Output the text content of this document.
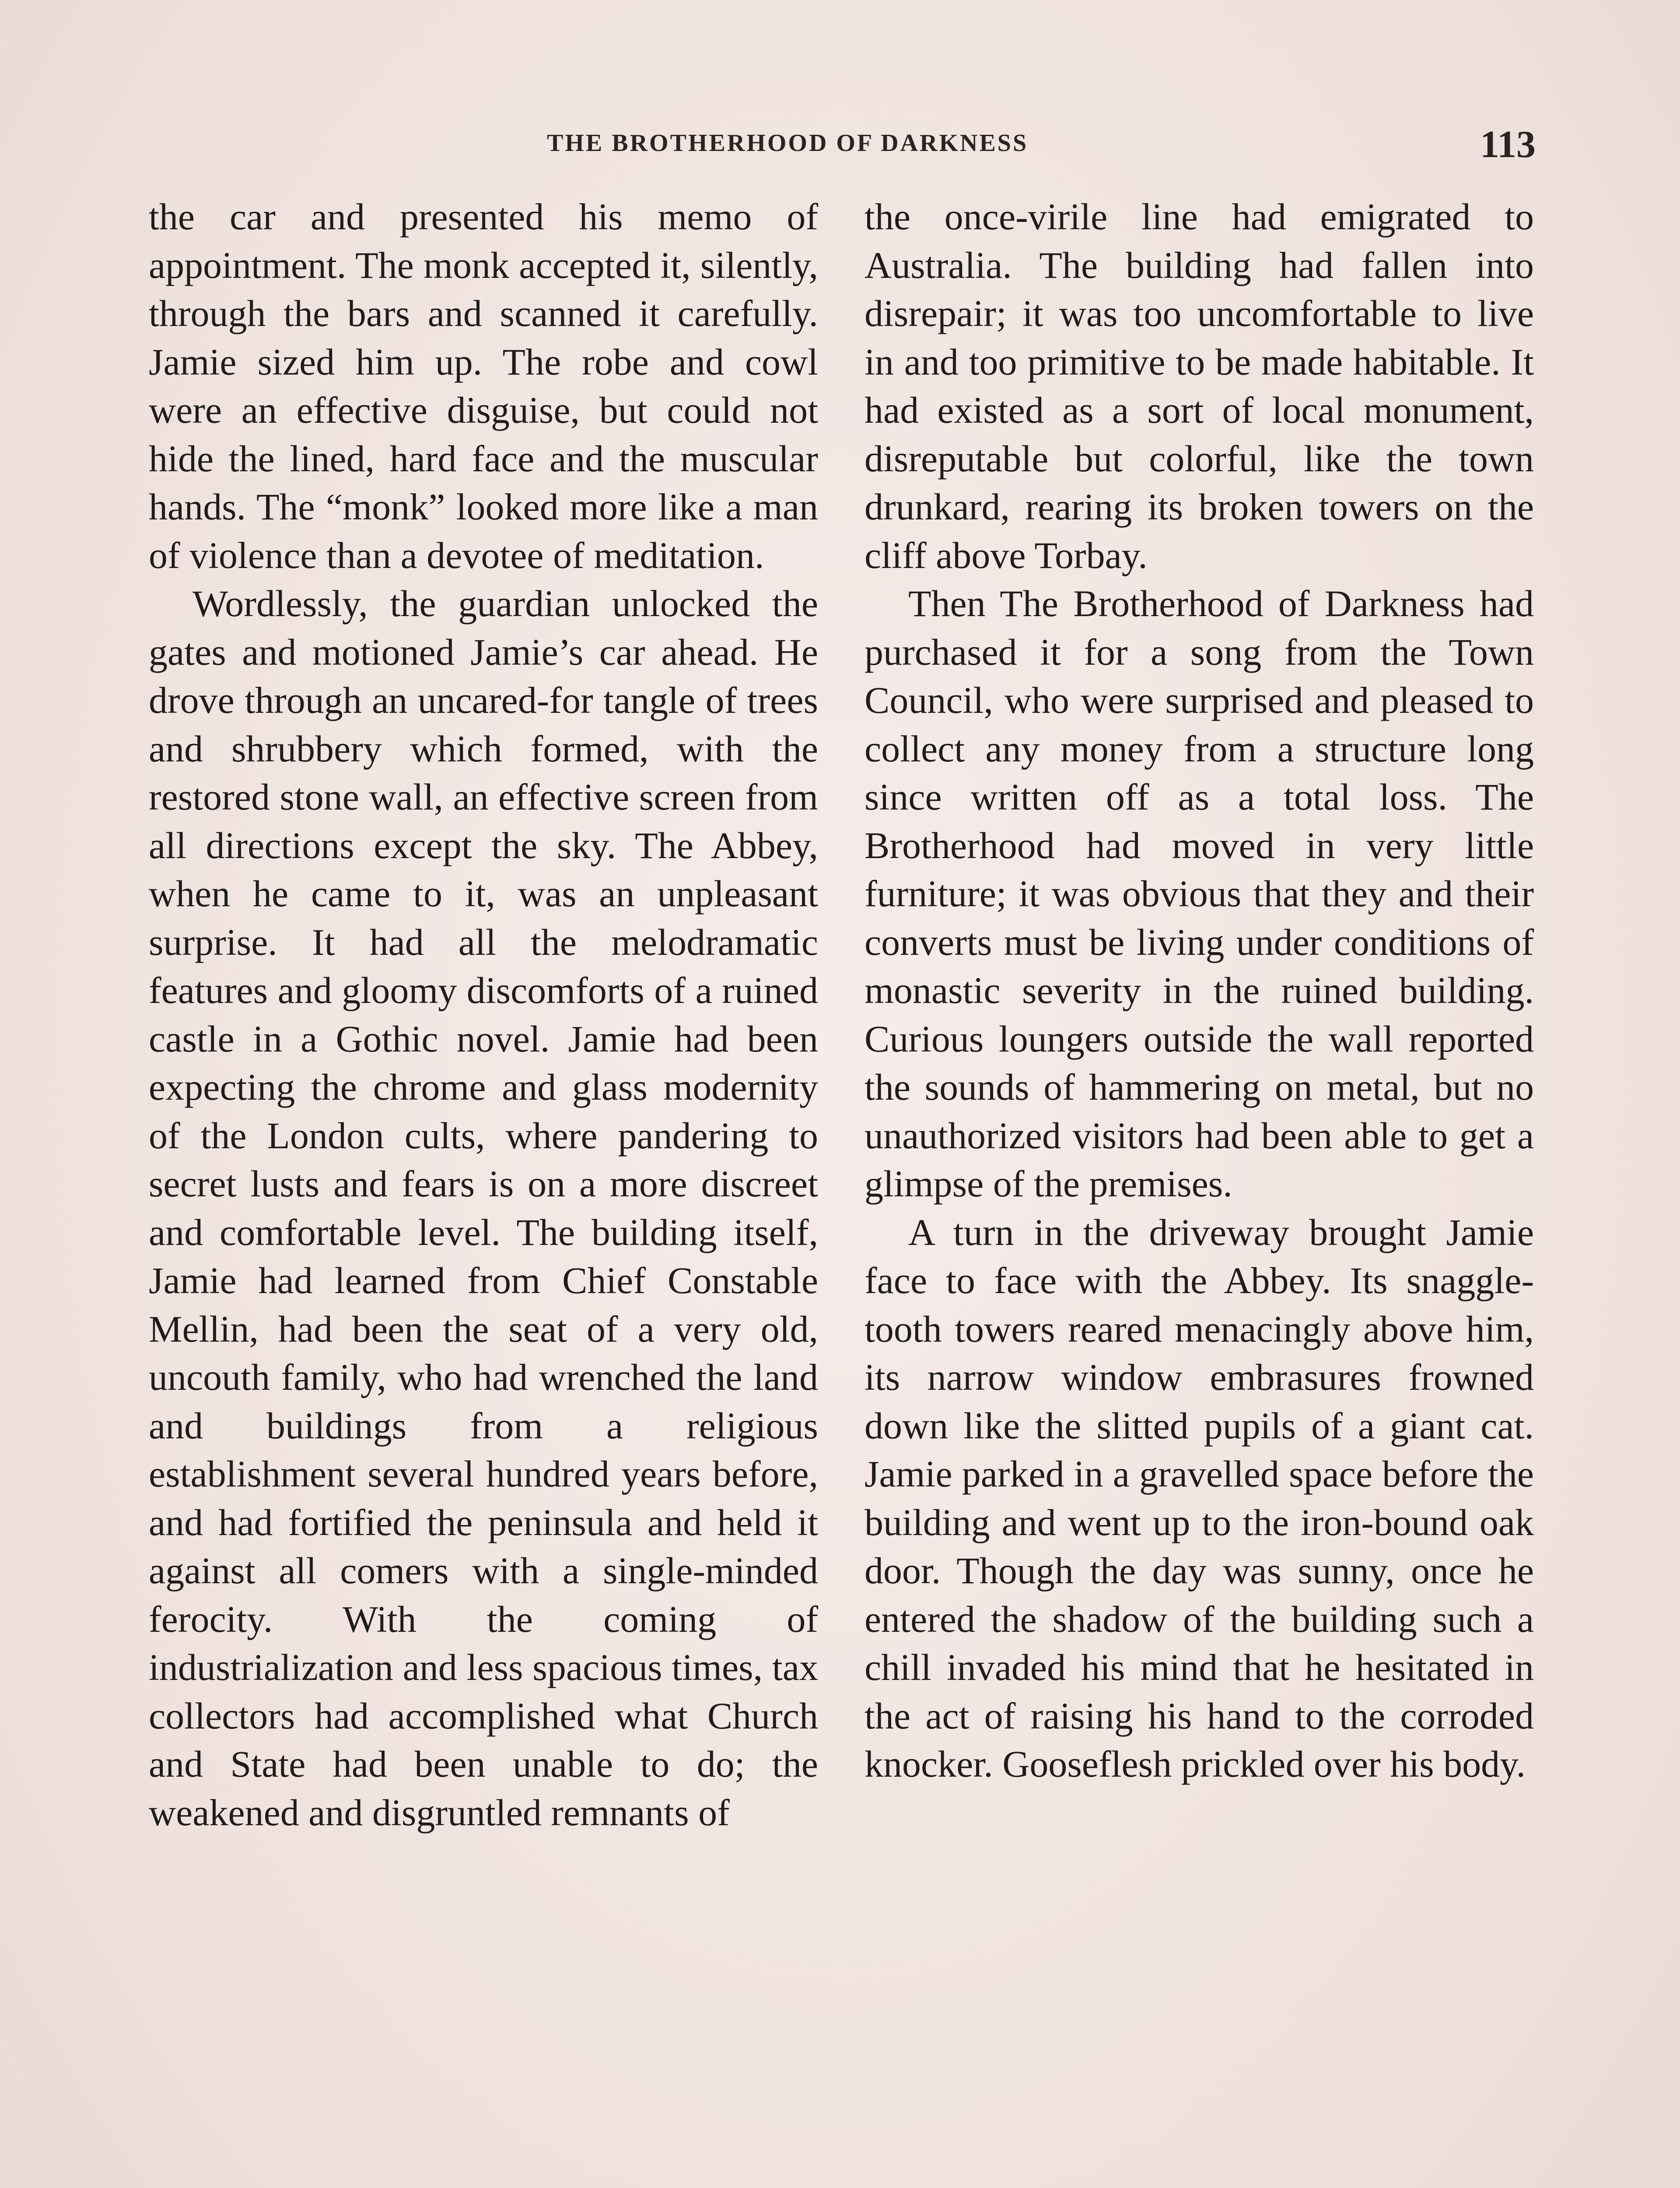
THE BROTHERHOOD OF DARKNESS	113

the car and presented his memo of appointment. The monk accepted it, silently, through the bars and scanned it carefully. Jamie sized him up. The robe and cowl were an effective disguise, but could not hide the lined, hard face and the muscular hands. The “monk” looked more like a man of violence than a devotee of meditation.

Wordlessly, the guardian unlocked the gates and motioned Jamie’s car ahead. He drove through an uncared-for tangle of trees and shrubbery which formed, with the restored stone wall, an effective screen from all directions except the sky. The Abbey, when he came to it, was an unpleasant surprise. It had all the melodramatic features and gloomy discomforts of a ruined castle in a Gothic novel. Jamie had been expecting the chrome and glass modernity of the London cults, where pandering to secret lusts and fears is on a more discreet and comfortable level. The building itself, Jamie had learned from Chief Constable Mellin, had been the seat of a very old, uncouth family, who had wrenched the land and buildings from a religious establishment several hundred years before, and had fortified the peninsula and held it against all comers with a single-minded ferocity. With the coming of industrialization and less spacious times, tax collectors had accomplished what Church and State had been unable to do; the weakened and disgruntled remnants of

the once-virile line had emigrated to Australia. The building had fallen into disrepair; it was too uncomfortable to live in and too primitive to be made habitable. It had existed as a sort of local monument, disreputable but colorful, like the town drunkard, rearing its broken towers on the cliff above Torbay.

Then The Brotherhood of Darkness had purchased it for a song from the Town Council, who were surprised and pleased to collect any money from a structure long since written off as a total loss. The Brotherhood had moved in very little furniture; it was obvious that they and their converts must be living under conditions of monastic severity in the ruined building. Curious loungers outside the wall reported the sounds of hammering on metal, but no unauthorized visitors had been able to get a glimpse of the premises.

A turn in the driveway brought Jamie face to face with the Abbey. Its snaggle-tooth towers reared menacingly above him, its narrow window embrasures frowned down like the slitted pupils of a giant cat. Jamie parked in a gravelled space before the building and went up to the iron-bound oak door. Though the day was sunny, once he entered the shadow of the building such a chill invaded his mind that he hesitated in the act of raising his hand to the corroded knocker. Gooseflesh prickled over his body.
